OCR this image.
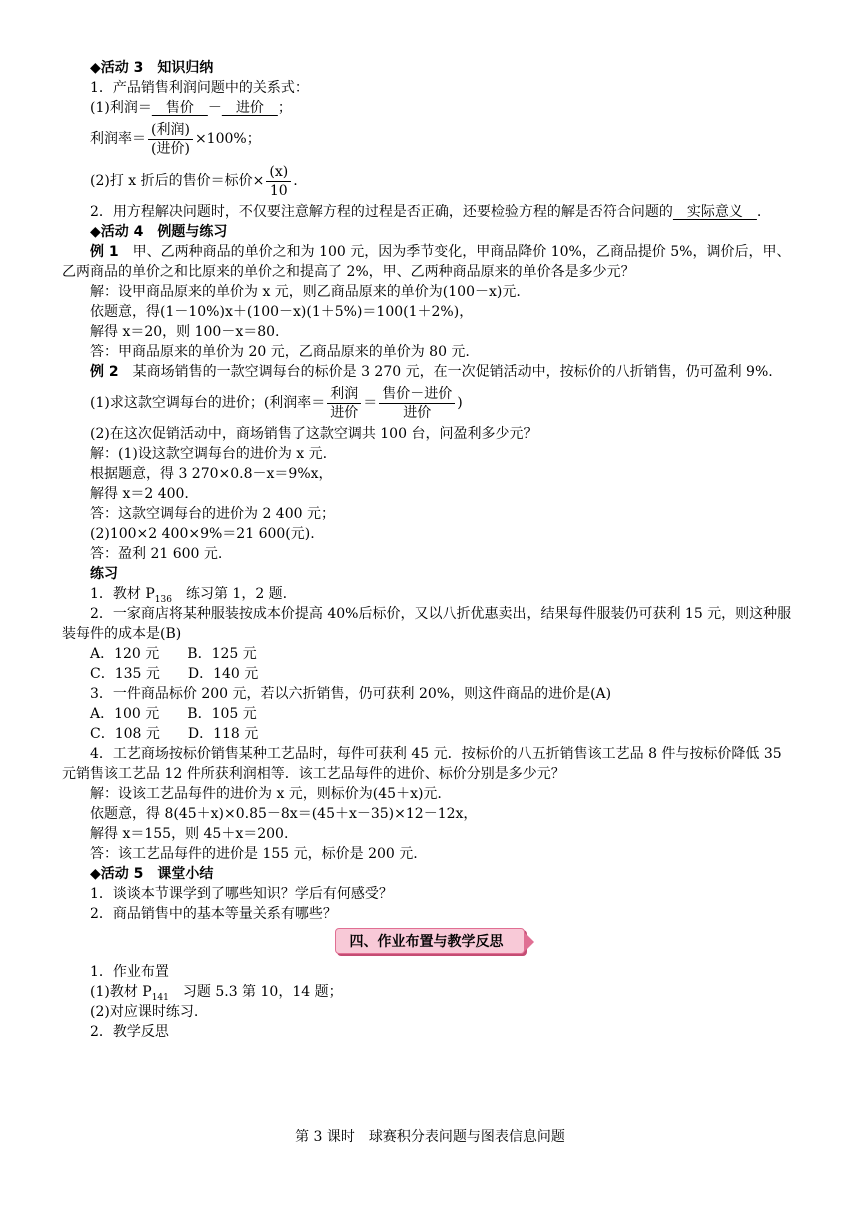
◆活动 3　知识归纳
1．产品销售利润问题中的关系式：
(1)利润＝　售价　－　进价　；
利润率＝ $\frac{\text{(利润)}}{\text{(进价)}} \times 100\%$；
(2)打 x 折后的售价＝标价× $\frac{(x)}{10}$ .
2．用方程解决问题时，不仅要注意解方程的过程是否正确，还要检验方程的解是否符合问题的　实际意义　.
◆活动 4　例题与练习
例 1　甲、乙两种商品的单价之和为 100 元，因为季节变化，甲商品降价 10%，乙商品提价 5%，调价后，甲、乙两商品的单价之和比原来的单价之和提高了 2%，甲、乙两种商品原来的单价各是多少元？
解：设甲商品原来的单价为 x 元，则乙商品原来的单价为(100－x)元.
依题意，得(1－10%)x＋(100－x)(1＋5%)＝100(1＋2%)，
解得 x＝20，则 100－x＝80.
答：甲商品原来的单价为 20 元，乙商品原来的单价为 80 元.
例 2　某商场销售的一款空调每台的标价是 3 270 元，在一次促销活动中，按标价的八折销售，仍可盈利 9%.
(1)求这款空调每台的进价；(利润率＝ $\frac{\text{利润}}{\text{进价}} = \frac{\text{售价－进价}}{\text{进价}}$ )
(2)在这次促销活动中，商场销售了这款空调共 100 台，问盈利多少元？
解：(1)设这款空调每台的进价为 x 元.
根据题意，得 3 270×0.8－x＝9%x，
解得 x＝2 400.
答：这款空调每台的进价为 2 400 元；
(2)100×2 400×9%＝21 600(元).
答：盈利 21 600 元.
练习
1．教材 $P_{136}$　练习第 1，2 题.
2．一家商店将某种服装按成本价提高 40%后标价，又以八折优惠卖出，结果每件服装仍可获利 15 元，则这种服装每件的成本是(B)
A．120 元　　B．125 元
C．135 元　　D．140 元
3．一件商品标价 200 元，若以六折销售，仍可获利 20%，则这件商品的进价是(A)
A．100 元　　B．105 元
C．108 元　　D．118 元
4．工艺商场按标价销售某种工艺品时，每件可获利 45 元．按标价的八五折销售该工艺品 8 件与按标价降低 35 元销售该工艺品 12 件所获利润相等．该工艺品每件的进价、标价分别是多少元？
解：设该工艺品每件的进价为 x 元，则标价为(45＋x)元.
依题意，得 8(45＋x)×0.85－8x＝(45＋x－35)×12－12x，
解得 x＝155，则 45＋x＝200.
答：该工艺品每件的进价是 155 元，标价是 200 元.
◆活动 5　课堂小结
1．谈谈本节课学到了哪些知识？学后有何感受？
2．商品销售中的基本等量关系有哪些？
四、作业布置与教学反思
1．作业布置
(1)教材 $P_{141}$　习题 5.3 第 10，14 题；
(2)对应课时练习.
2．教学反思
第 3 课时　球赛积分表问题与图表信息问题
